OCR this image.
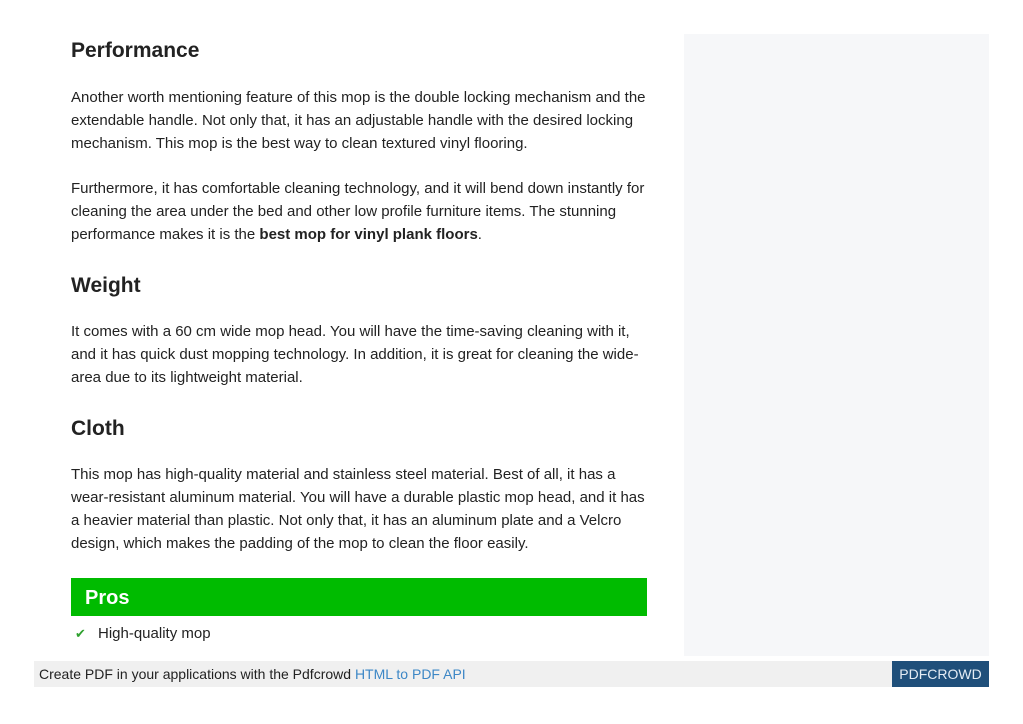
Performance

Another worth mentioning feature of this mop is the double locking mechanism and the extendable handle. Not only that, it has an adjustable handle with the desired locking mechanism. This mop is the best way to clean textured vinyl flooring.

Furthermore, it has comfortable cleaning technology, and it will bend down instantly for cleaning the area under the bed and other low profile furniture items. The stunning performance makes it is the best mop for vinyl plank floors.

Weight

It comes with a 60 cm wide mop head. You will have the time-saving cleaning with it, and it has quick dust mopping technology. In addition, it is great for cleaning the wide-area due to its lightweight material.

Cloth

This mop has high-quality material and stainless steel material. Best of all, it has a wear-resistant aluminum material. You will have a durable plastic mop head, and it has a heavier material than plastic. Not only that, it has an aluminum plate and a Velcro design, which makes the padding of the mop to clean the floor easily.

Pros
✔ High-quality mop
Create PDF in your applications with the Pdfcrowd HTML to PDF API	PDFCROWD
